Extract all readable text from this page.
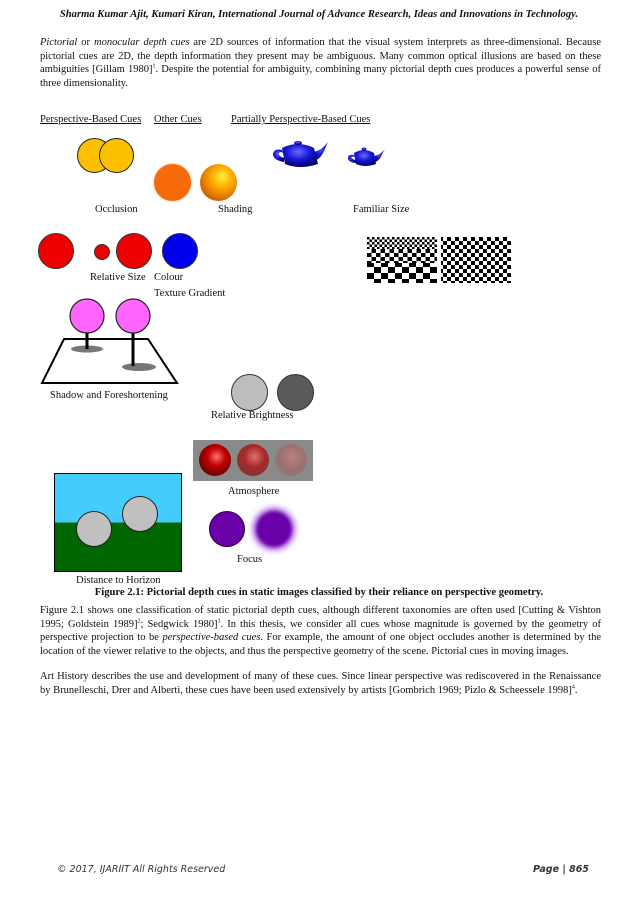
Sharma Kumar Ajit, Kumari Kiran, International Journal of Advance Research, Ideas and Innovations in Technology.
Pictorial or monocular depth cues are 2D sources of information that the visual system interprets as three-dimensional. Because pictorial cues are 2D, the depth information they present may be ambiguous. Many common optical illusions are based on these ambiguities [Gillam 1980]$^1$. Despite the potential for ambiguity, combining many pictorial depth cues produces a powerful sense of three dimensionality.
Perspective-Based Cues Other Cues	Partially Perspective-Based Cues
Occlusion	Shading	Familiar Size
Relative Size Colour
Texture Gradient
Shadow and Foreshortening
Relative Brightness
Atmosphere
Focus
Distance to Horizon
Figure 2.1: Pictorial depth cues in static images classified by their reliance on perspective geometry.
Figure 2.1 shows one classification of static pictorial depth cues, although different taxonomies are often used [Cutting & Vishton 1995; Goldstein 1989]$^2$; Sedgwick 1980]$^3$. In this thesis, we consider all cues whose magnitude is governed by the geometry of perspective projection to be perspective-based cues. For example, the amount of one object occludes another is determined by the location of the viewer relative to the objects, and thus the perspective geometry of the scene. Pictorial cues in moving images.
Art History describes the use and development of many of these cues. Since linear perspective was rediscovered in the Renaissance by Brunelleschi, Drer and Alberti, these cues have been used extensively by artists [Gombrich 1969; Pizlo & Scheessele 1998]$^4$.
© 2017, IJARIIT All Rights Reserved	Page | 865
